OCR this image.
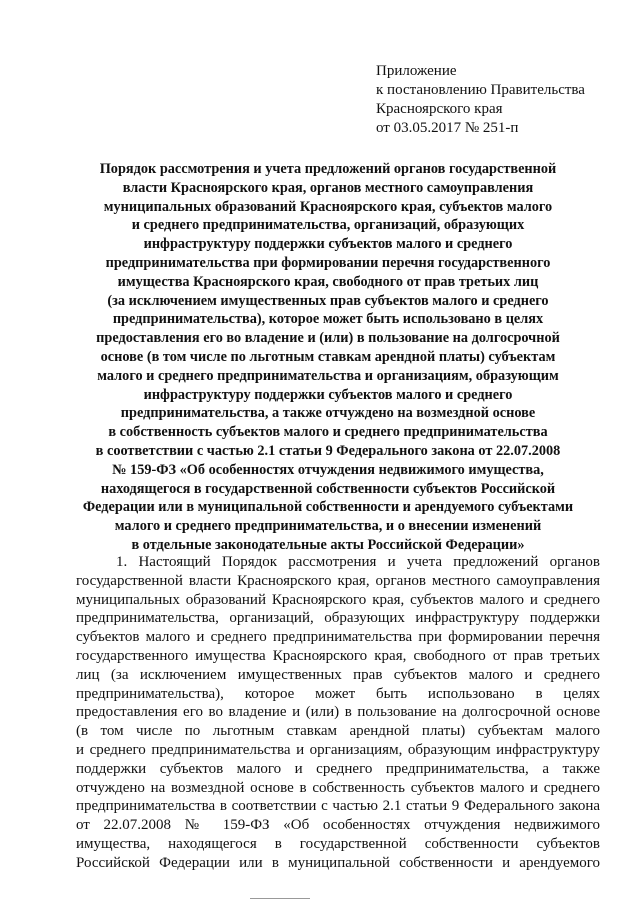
Приложение
к постановлению Правительства
Красноярского края
от 03.05.2017 № 251-п
Порядок рассмотрения и учета предложений органов государственной
власти Красноярского края, органов местного самоуправления
муниципальных образований Красноярского края, субъектов малого
и среднего предпринимательства, организаций, образующих
инфраструктуру поддержки субъектов малого и среднего
предпринимательства при формировании перечня государственного
имущества Красноярского края, свободного от прав третьих лиц
(за исключением имущественных прав субъектов малого и среднего
предпринимательства), которое может быть использовано в целях
предоставления его во владение и (или) в пользование на долгосрочной
основе (в том числе по льготным ставкам арендной платы) субъектам
малого и среднего предпринимательства и организациям, образующим
инфраструктуру поддержки субъектов малого и среднего
предпринимательства, а также отчуждено на возмездной основе
в собственность субъектов малого и среднего предпринимательства
в соответствии с частью 2.1 статьи 9 Федерального закона от 22.07.2008
№ 159-ФЗ «Об особенностях отчуждения недвижимого имущества,
находящегося в государственной собственности субъектов Российской
Федерации или в муниципальной собственности и арендуемого субъектами
малого и среднего предпринимательства, и о внесении изменений
в отдельные законодательные акты Российской Федерации»
1. Настоящий Порядок рассмотрения и учета предложений органов
государственной власти Красноярского края, органов местного самоуправления
муниципальных образований Красноярского края, субъектов малого и среднего
предпринимательства, организаций, образующих инфраструктуру поддержки
субъектов малого и среднего предпринимательства при формировании перечня
государственного имущества Красноярского края, свободного от прав третьих
лиц (за исключением имущественных прав субъектов малого и среднего
предпринимательства), которое может быть использовано в целях
предоставления его во владение и (или) в пользование на долгосрочной основе
(в том числе по льготным ставкам арендной платы) субъектам малого
и среднего предпринимательства и организациям, образующим инфраструктуру
поддержки субъектов малого и среднего предпринимательства, а также
отчуждено на возмездной основе в собственность субъектов малого и среднего
предпринимательства в соответствии с частью 2.1 статьи 9 Федерального закона
от 22.07.2008 № 159-ФЗ «Об особенностях отчуждения недвижимого
имущества, находящегося в государственной собственности субъектов
Российской Федерации или в муниципальной собственности и арендуемого
